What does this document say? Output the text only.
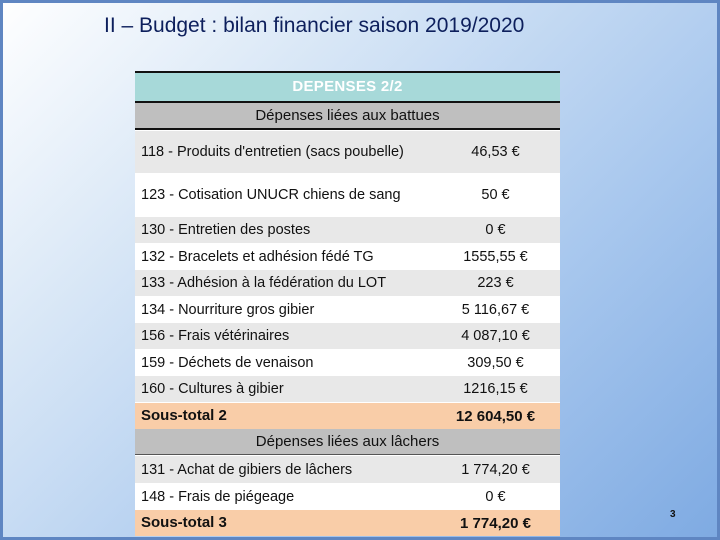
II – Budget : bilan financier saison 2019/2020
DEPENSES 2/2
Dépenses liées aux battues
118 - Produits d'entretien (sacs poubelle)	46,53 €
123 - Cotisation UNUCR chiens de sang	50 €
130 - Entretien des postes	0 €
132 - Bracelets et adhésion fédé TG	1555,55 €
133 - Adhésion à la fédération du LOT	223 €
134 - Nourriture gros gibier	5 116,67 €
156 - Frais vétérinaires	4 087,10 €
159 - Déchets de venaison	309,50 €
160 - Cultures à gibier	1216,15 €
Sous-total 2	12 604,50 €
Dépenses liées aux lâchers
131 - Achat de gibiers de lâchers	1 774,20 €
148 - Frais de piégeage	0 €
Sous-total 3	1 774,20 €	3
